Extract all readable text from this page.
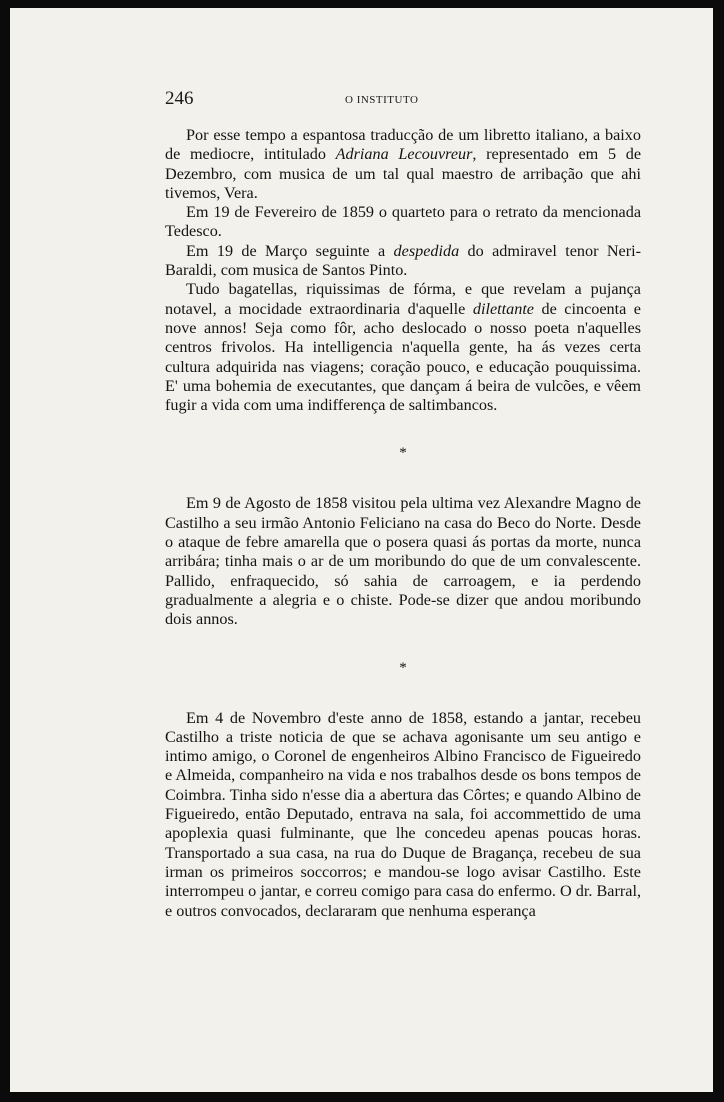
246	O INSTITUTO

Por esse tempo a espantosa traducção de um libretto italiano, a baixo de mediocre, intitulado Adriana Lecouvreur, representado em 5 de Dezembro, com musica de um tal qual maestro de arribação que ahi tivemos, Vera.

Em 19 de Fevereiro de 1859 o quarteto para o retrato da mencionada Tedesco.

Em 19 de Março seguinte a despedida do admiravel tenor Neri-Baraldi, com musica de Santos Pinto.

Tudo bagatellas, riquissimas de fórma, e que revelam a pujança notavel, a mocidade extraordinaria d'aquelle dilettante de cincoenta e nove annos! Seja como fôr, acho deslocado o nosso poeta n'aquelles centros frivolos. Ha intelligencia n'aquella gente, ha ás vezes certa cultura adquirida nas viagens; coração pouco, e educação pouquissima. E' uma bohemia de executantes, que dançam á beira de vulcões, e vêem fugir a vida com uma indifferença de saltimbancos.

*

Em 9 de Agosto de 1858 visitou pela ultima vez Alexandre Magno de Castilho a seu irmão Antonio Feliciano na casa do Beco do Norte. Desde o ataque de febre amarella que o posera quasi ás portas da morte, nunca arribára; tinha mais o ar de um moribundo do que de um convalescente. Pallido, enfraquecido, só sahia de carroagem, e ia perdendo gradualmente a alegria e o chiste. Pode-se dizer que andou moribundo dois annos.

*

Em 4 de Novembro d'este anno de 1858, estando a jantar, recebeu Castilho a triste noticia de que se achava agonisante um seu antigo e intimo amigo, o Coronel de engenheiros Albino Francisco de Figueiredo e Almeida, companheiro na vida e nos trabalhos desde os bons tempos de Coimbra. Tinha sido n'esse dia a abertura das Côrtes; e quando Albino de Figueiredo, então Deputado, entrava na sala, foi accommettido de uma apoplexia quasi fulminante, que lhe concedeu apenas poucas horas. Transportado a sua casa, na rua do Duque de Bragança, recebeu de sua irman os primeiros soccorros; e mandou-se logo avisar Castilho. Este interrompeu o jantar, e correu comigo para casa do enfermo. O dr. Barral, e outros convocados, declararam que nenhuma esperança
